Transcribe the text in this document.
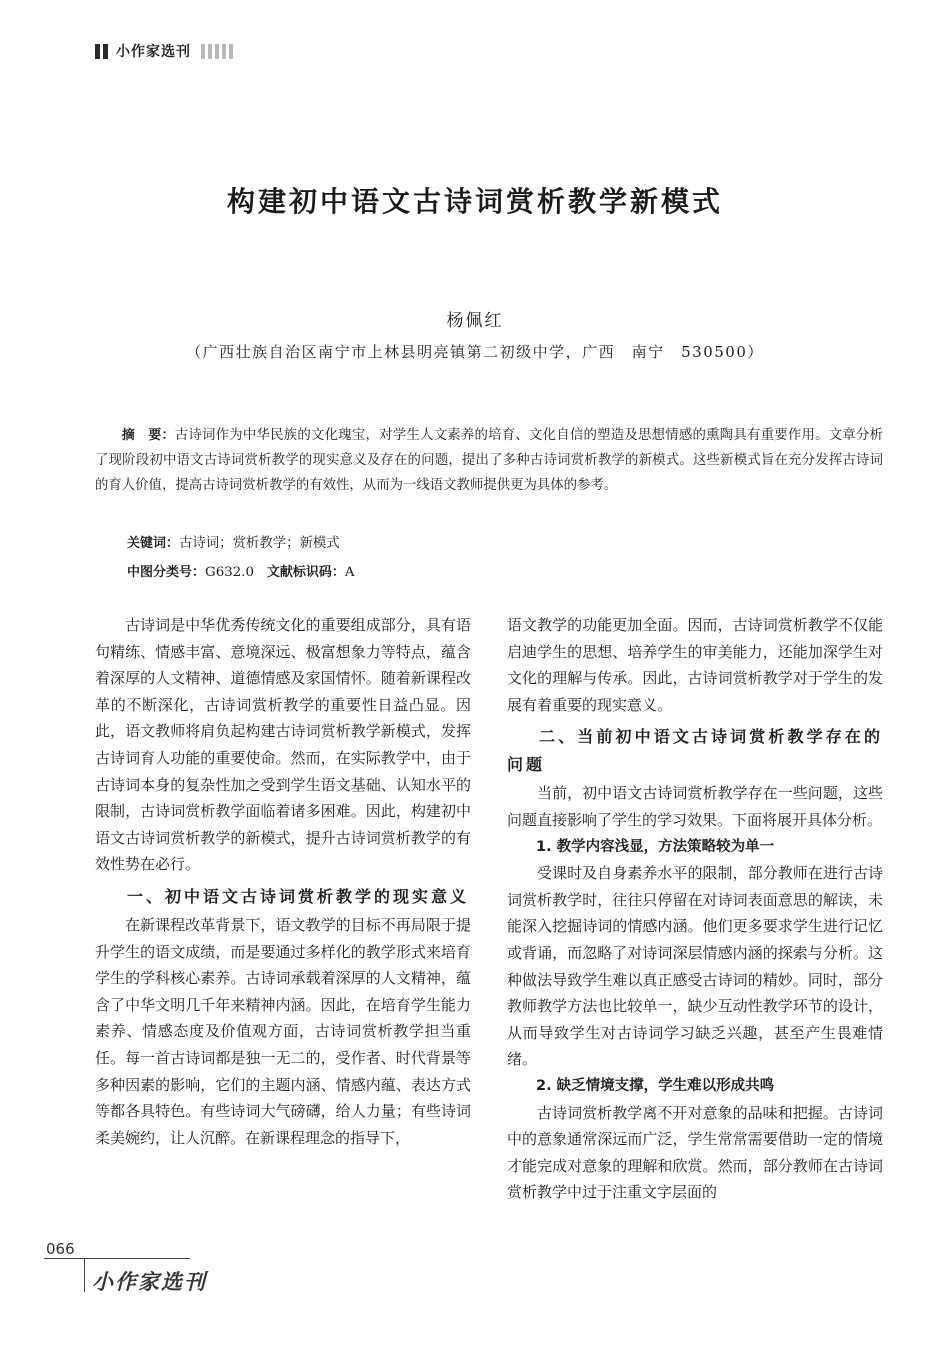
小作家选刊
构建初中语文古诗词赏析教学新模式
杨佩红
（广西壮族自治区南宁市上林县明亮镇第二初级中学，广西　南宁　530500）

摘　要：古诗词作为中华民族的文化瑰宝，对学生人文素养的培育、文化自信的塑造及思想情感的熏陶具有重要作用。文章分析了现阶段初中语文古诗词赏析教学的现实意义及存在的问题，提出了多种古诗词赏析教学的新模式。这些新模式旨在充分发挥古诗词的育人价值，提高古诗词赏析教学的有效性，从而为一线语文教师提供更为具体的参考。

关键词：古诗词；赏析教学；新模式
中图分类号：G632.0 文献标识码：A

古诗词是中华优秀传统文化的重要组成部分，具有语句精练、情感丰富、意境深远、极富想象力等特点，蕴含着深厚的人文精神、道德情感及家国情怀。随着新课程改革的不断深化，古诗词赏析教学的重要性日益凸显。因此，语文教师将肩负起构建古诗词赏析教学新模式，发挥古诗词育人功能的重要使命。然而，在实际教学中，由于古诗词本身的复杂性加之受到学生语文基础、认知水平的限制，古诗词赏析教学面临着诸多困难。因此，构建初中语文古诗词赏析教学的新模式，提升古诗词赏析教学的有效性势在必行。

一、初中语文古诗词赏析教学的现实意义

在新课程改革背景下，语文教学的目标不再局限于提升学生的语文成绩，而是要通过多样化的教学形式来培育学生的学科核心素养。古诗词承载着深厚的人文精神，蕴含了中华文明几千年来精神内涵。因此，在培育学生能力素养、情感态度及价值观方面，古诗词赏析教学担当重任。每一首古诗词都是独一无二的，受作者、时代背景等多种因素的影响，它们的主题内涵、情感内蕴、表达方式等都各具特色。有些诗词大气磅礴，给人力量；有些诗词柔美婉约，让人沉醉。在新课程理念的指导下，

语文教学的功能更加全面。因而，古诗词赏析教学不仅能启迪学生的思想、培养学生的审美能力，还能加深学生对文化的理解与传承。因此，古诗词赏析教学对于学生的发展有着重要的现实意义。

二、当前初中语文古诗词赏析教学存在的问题

当前，初中语文古诗词赏析教学存在一些问题，这些问题直接影响了学生的学习效果。下面将展开具体分析。

1. 教学内容浅显，方法策略较为单一

受课时及自身素养水平的限制，部分教师在进行古诗词赏析教学时，往往只停留在对诗词表面意思的解读，未能深入挖掘诗词的情感内涵。他们更多要求学生进行记忆或背诵，而忽略了对诗词深层情感内涵的探索与分析。这种做法导致学生难以真正感受古诗词的精妙。同时，部分教师教学方法也比较单一，缺少互动性教学环节的设计，从而导致学生对古诗词学习缺乏兴趣，甚至产生畏难情绪。

2. 缺乏情境支撑，学生难以形成共鸣

古诗词赏析教学离不开对意象的品味和把握。古诗词中的意象通常深远而广泛，学生常常需要借助一定的情境才能完成对意象的理解和欣赏。然而，部分教师在古诗词赏析教学中过于注重文字层面的

066
小作家选刊
